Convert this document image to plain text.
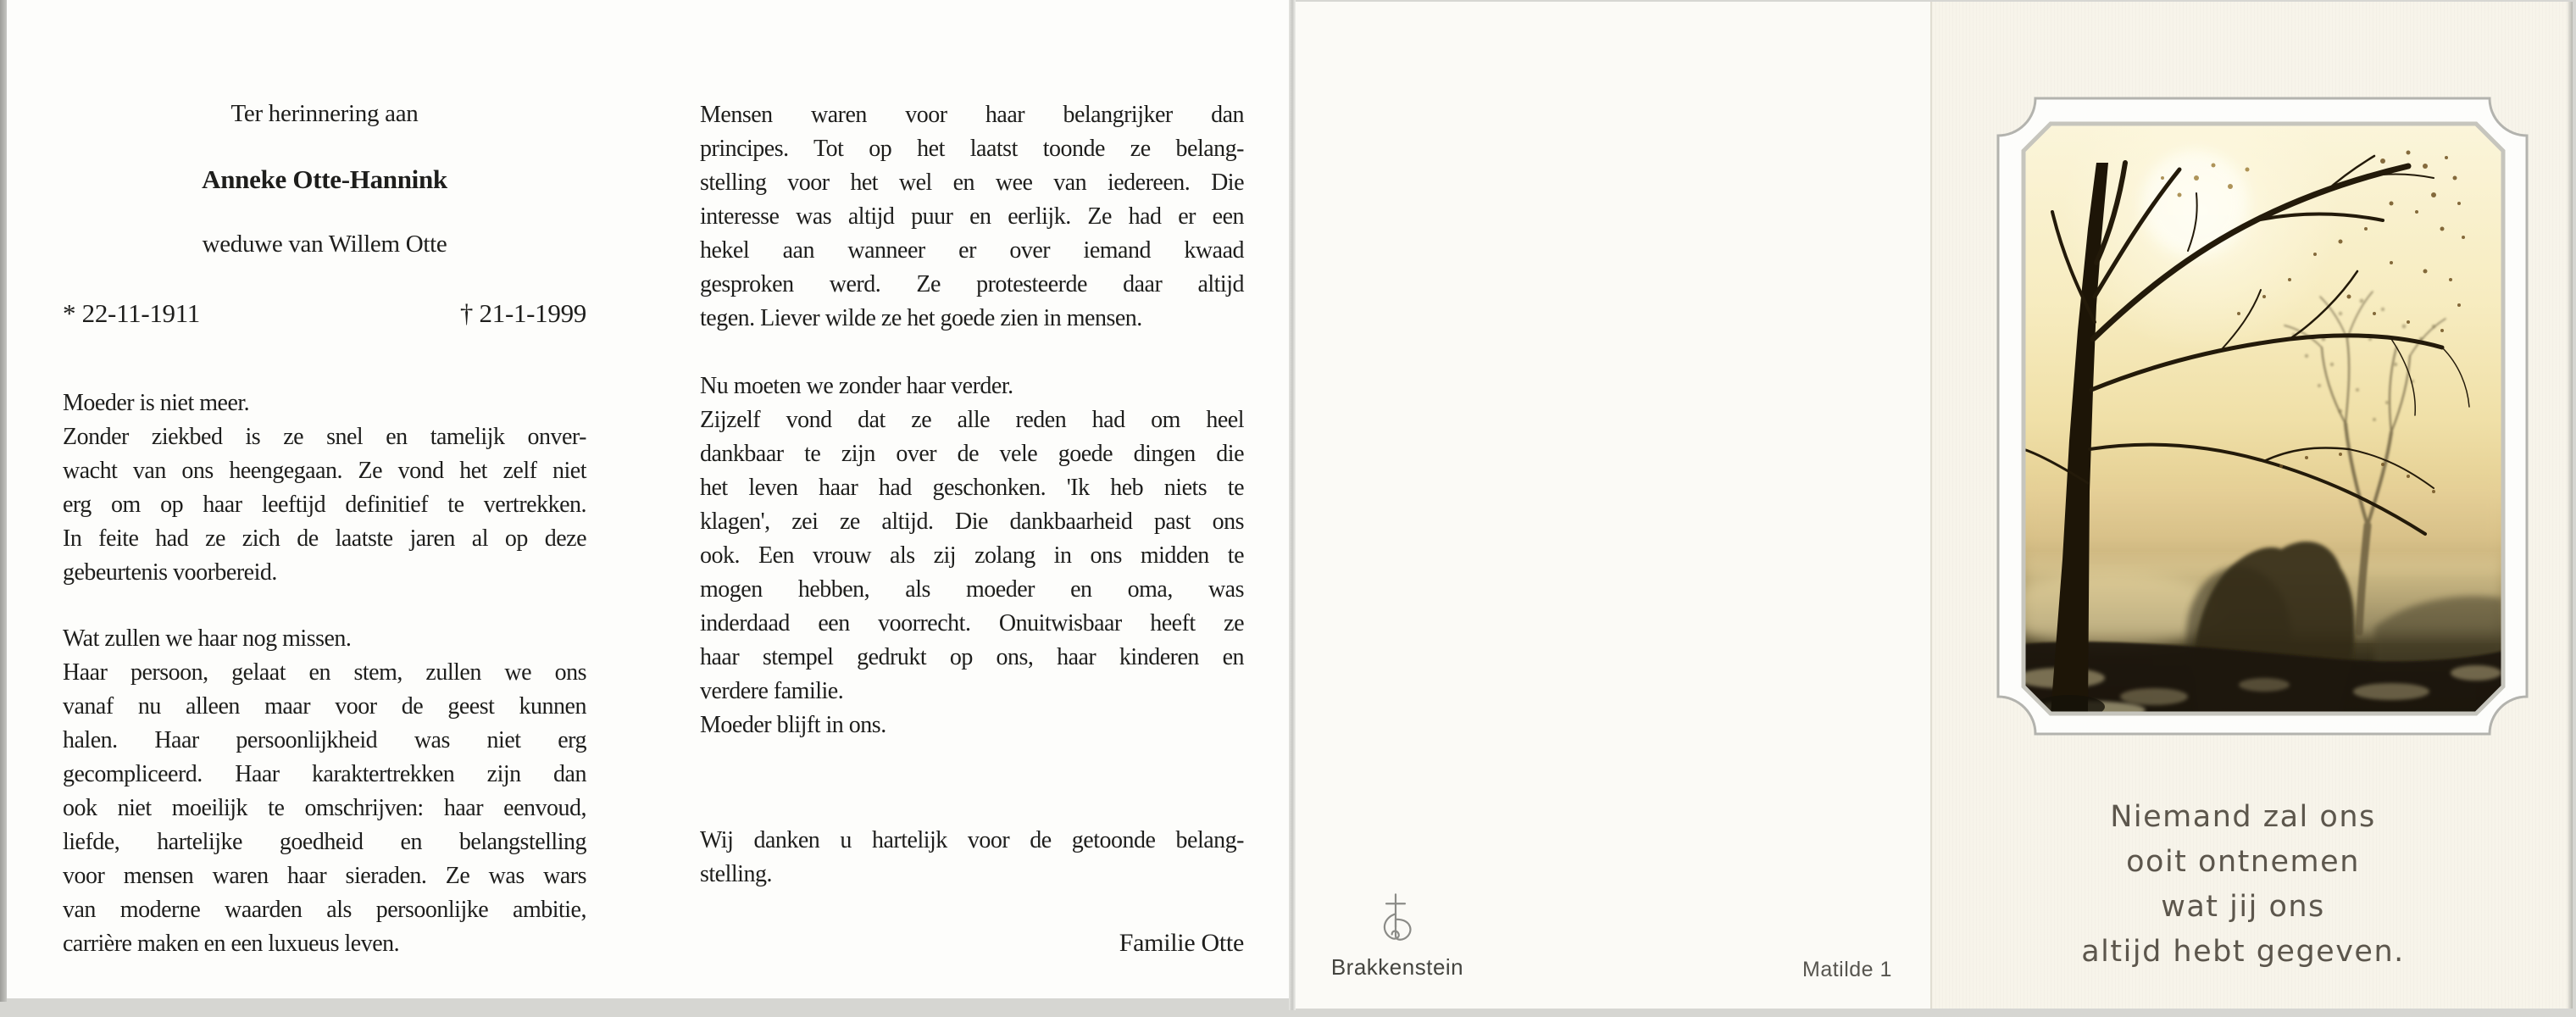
Ter herinnering aan
Anneke Otte-Hannink
weduwe van Willem Otte
* 22-11-1911	† 21-1-1999
Moeder is niet meer.
Zonder ziekbed is ze snel en tamelijk onver-
wacht van ons heengegaan. Ze vond het zelf niet
erg om op haar leeftijd definitief te vertrekken.
In feite had ze zich de laatste jaren al op deze
gebeurtenis voorbereid.
Wat zullen we haar nog missen.
Haar persoon, gelaat en stem, zullen we ons
vanaf nu alleen maar voor de geest kunnen
halen. Haar persoonlijkheid was niet erg
gecompliceerd. Haar karaktertrekken zijn dan
ook niet moeilijk te omschrijven: haar eenvoud,
liefde, hartelijke goedheid en belangstelling
voor mensen waren haar sieraden. Ze was wars
van moderne waarden als persoonlijke ambitie,
carrière maken en een luxueus leven.
Mensen waren voor haar belangrijker dan
principes. Tot op het laatst toonde ze belang-
stelling voor het wel en wee van iedereen. Die
interesse was altijd puur en eerlijk. Ze had er een
hekel aan wanneer er over iemand kwaad
gesproken werd. Ze protesteerde daar altijd
tegen. Liever wilde ze het goede zien in mensen.
Nu moeten we zonder haar verder.
Zijzelf vond dat ze alle reden had om heel
dankbaar te zijn over de vele goede dingen die
het leven haar had geschonken. 'Ik heb niets te
klagen', zei ze altijd. Die dankbaarheid past ons
ook. Een vrouw als zij zolang in ons midden te
mogen hebben, als moeder en oma, was
inderdaad een voorrecht. Onuitwisbaar heeft ze
haar stempel gedrukt op ons, haar kinderen en
verdere familie.
Moeder blijft in ons.
Wij danken u hartelijk voor de getoonde belang-
stelling.
Familie Otte
Brakkenstein	Matilde 1
Niemand zal ons
ooit ontnemen
wat jij ons
altijd hebt gegeven.
